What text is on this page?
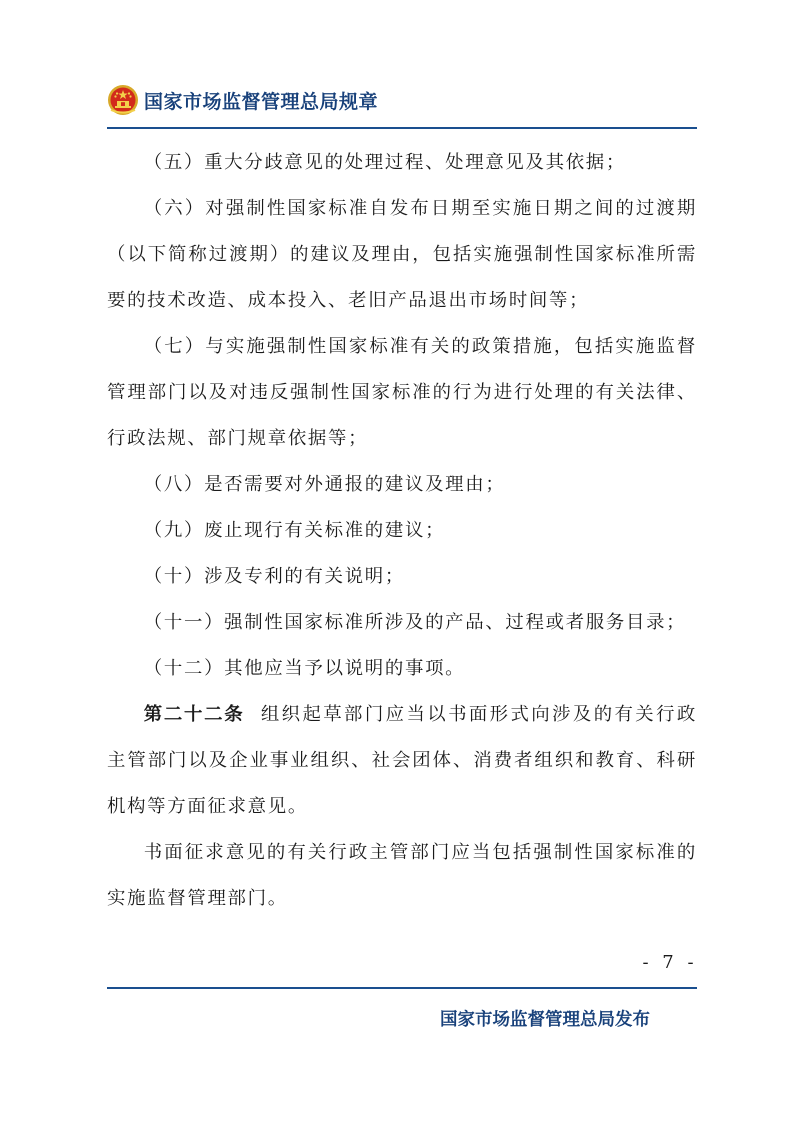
国家市场监督管理总局规章

（五）重大分歧意见的处理过程、处理意见及其依据；

（六）对强制性国家标准自发布日期至实施日期之间的过渡期（以下简称过渡期）的建议及理由，包括实施强制性国家标准所需要的技术改造、成本投入、老旧产品退出市场时间等；

（七）与实施强制性国家标准有关的政策措施，包括实施监督管理部门以及对违反强制性国家标准的行为进行处理的有关法律、行政法规、部门规章依据等；

（八）是否需要对外通报的建议及理由；

（九）废止现行有关标准的建议；

（十）涉及专利的有关说明；

（十一）强制性国家标准所涉及的产品、过程或者服务目录；

（十二）其他应当予以说明的事项。

第二十二条 组织起草部门应当以书面形式向涉及的有关行政主管部门以及企业事业组织、社会团体、消费者组织和教育、科研机构等方面征求意见。

书面征求意见的有关行政主管部门应当包括强制性国家标准的实施监督管理部门。

- 7 -
国家市场监督管理总局发布
